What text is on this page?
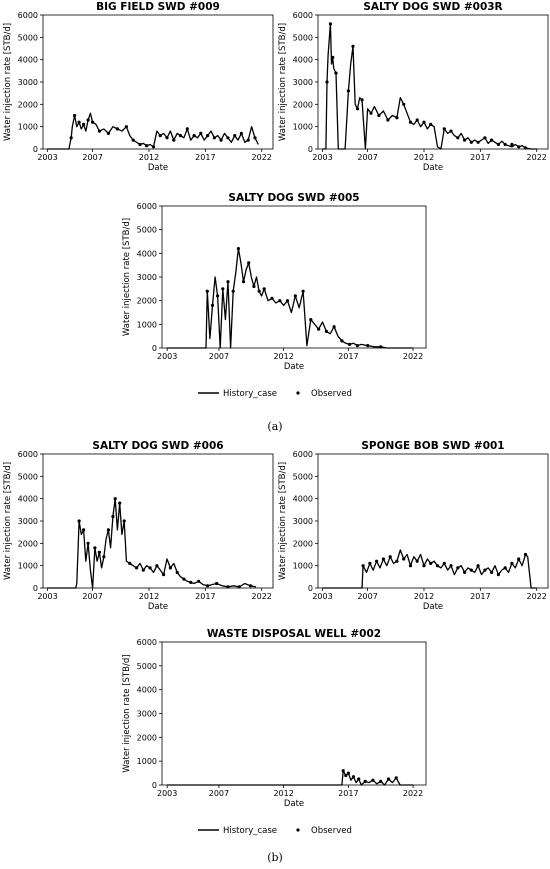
BIG FIELD SWD #009
0
1000
2000
3000
4000
5000
6000
2003	2007	2012	2017	2022
Date
Water injection rate [STB/d]
SALTY DOG SWD #003R
0
1000
2000
3000
4000
5000
6000
2003	2007	2012	2017	2022
Date
Water injection rate [STB/d]
SALTY DOG SWD #005
0
1000
2000
3000
4000
5000
6000
2003	2007	2012	2017	2022
Date
Water injection rate [STB/d]
SALTY DOG SWD #006
0
1000
2000
3000
4000
5000
6000
2003	2007	2012	2017	2022
Date
Water injection rate [STB/d]
SPONGE BOB SWD #001
0
1000
2000
3000
4000
5000
6000
2003	2007	2012	2017	2022
Date
Water injection rate [STB/d]
WASTE DISPOSAL WELL #002
0
1000
2000
3000
4000
5000
6000
2003	2007	2012	2017	2022
Date
Water injection rate [STB/d]
History_case	Observed
(a)
History_case	Observed
(b)
